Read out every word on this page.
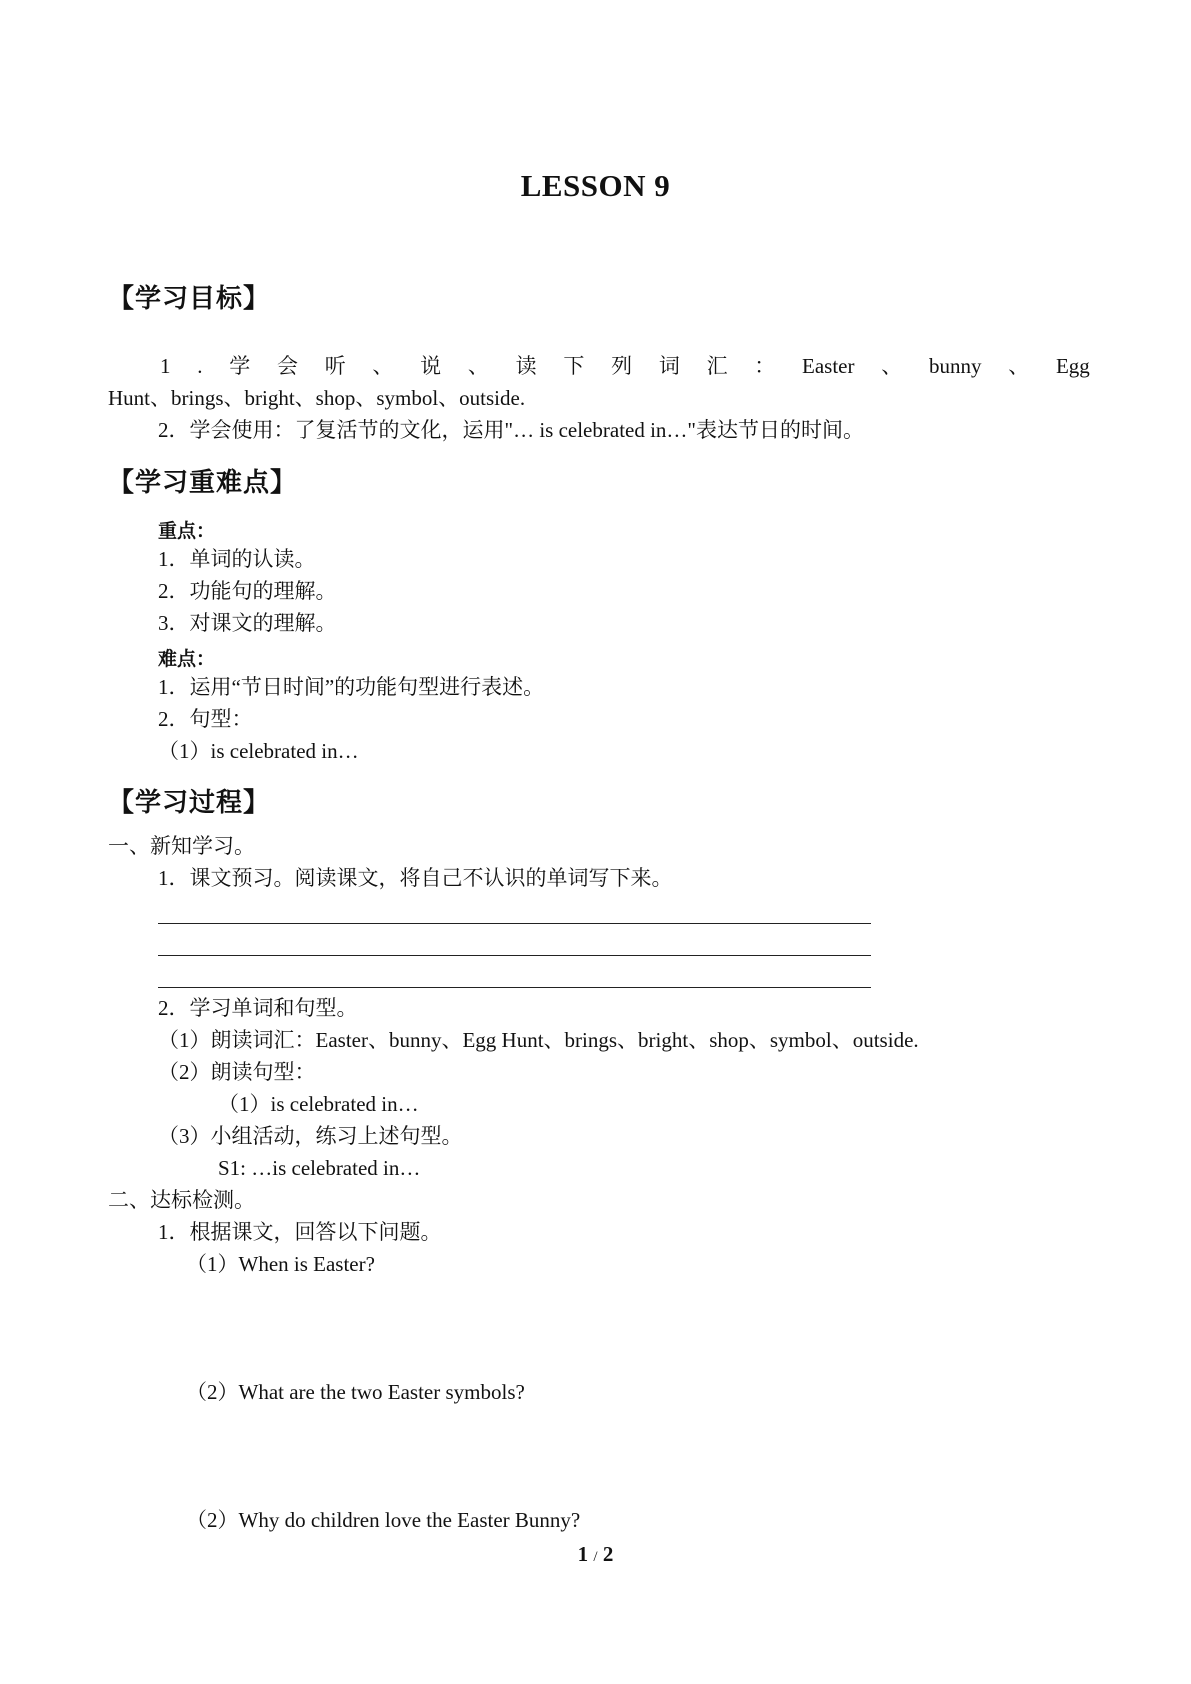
LESSON 9
【学习目标】
1 . 学 会 听 、 说 、 读 下 列 词 汇 ： Easter 、 bunny 、 Egg
Hunt、brings、bright、shop、symbol、outside.
2．学会使用：了复活节的文化，运用"… is celebrated in…"表达节日的时间。
【学习重难点】
重点：
1．单词的认读。
2．功能句的理解。
3．对课文的理解。
难点：
1．运用“节日时间”的功能句型进行表述。
2．句型：
（1）is celebrated in…
【学习过程】
一、新知学习。
1．课文预习。阅读课文，将自己不认识的单词写下来。
2．学习单词和句型。
（1）朗读词汇：Easter、bunny、Egg Hunt、brings、bright、shop、symbol、outside.
（2）朗读句型：
（1）is celebrated in…
（3）小组活动，练习上述句型。
S1: …is celebrated in…
二、达标检测。
1．根据课文，回答以下问题。
（1）When is Easter?
（2）What are the two Easter symbols?
（2）Why do children love the Easter Bunny?
1 / 2
